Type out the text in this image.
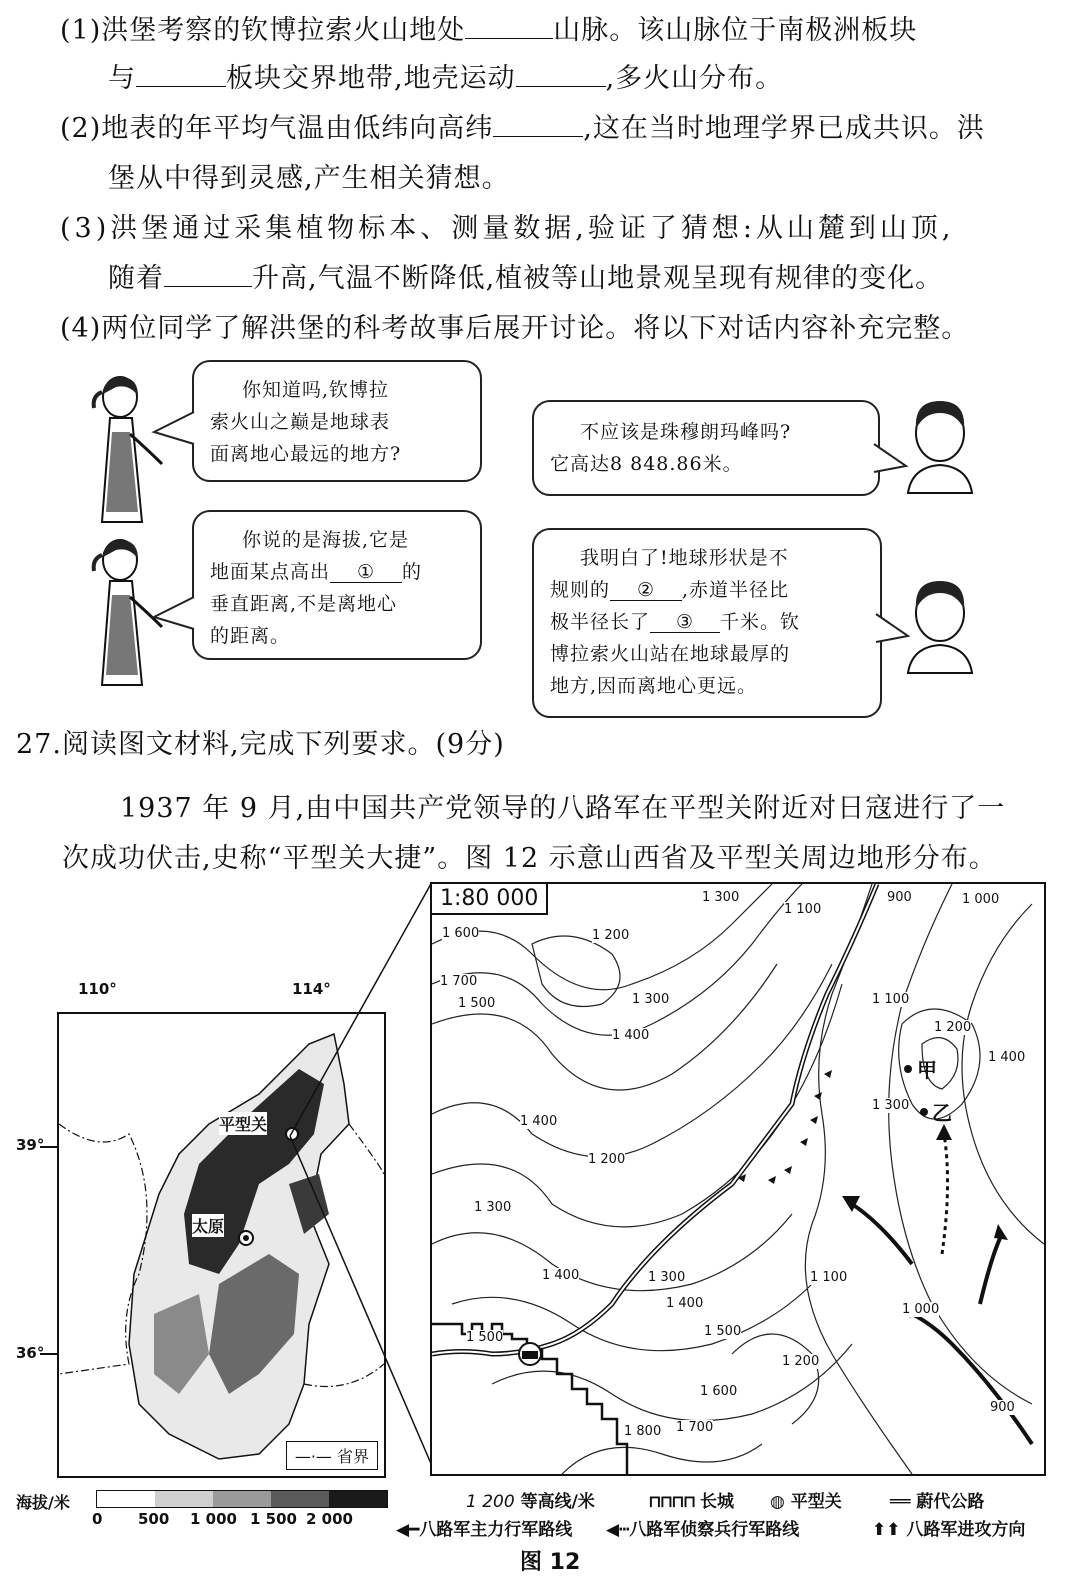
(1)洪堡考察的钦博拉索火山地处	山脉。该山脉位于南极洲板块
与	板块交界地带,地壳运动	,多火山分布。
(2)地表的年平均气温由低纬向高纬	,这在当时地理学界已成共识。洪
堡从中得到灵感,产生相关猜想。
(3)洪堡通过采集植物标本、测量数据,验证了猜想:从山麓到山顶,
随着	升高,气温不断降低,植被等山地景观呈现有规律的变化。
(4)两位同学了解洪堡的科考故事后展开讨论。将以下对话内容补充完整。
你知道吗,钦博拉
索火山之巅是地球表
面离地心最远的地方?
不应该是珠穆朗玛峰吗?
它高达8 848.86米。
你说的是海拔,它是
地面某点高出 ① 的
垂直距离,不是离地心
的距离。
我明白了!地球形状是不
规则的 ② ,赤道半径比
极半径长了 ③ 千米。钦
博拉索火山站在地球最厚的
地方,因而离地心更远。
27.阅读图文材料,完成下列要求。(9分)
1937 年 9 月,由中国共产党领导的八路军在平型关附近对日寇进行了一
次成功伏击,史称“平型关大捷”。图 12 示意山西省及平型关周边地形分布。
平型关
太原
—·— 省界
110°	114°
39°
36°
1:80 000
甲
乙
1 300
1 100
900	1 000
1 600	1 200
1 700
1 500	1 300
1 400
1 100
1 200
1 400
1 400
1 300
1 200
1 300
1 400	1 300
1 400
1 100
1 000
1 500	1 500
1 200
1 600
1 700
1 800
900
海拔/米
0 500 1 000 1 500 2 000
1 200 等高线/米	⊓⊓⊓⊓ 长城 ◍ 平型关	══ 蔚代公路
◀━八路军主力行军路线 ◀┅八路军侦察兵行军路线	⬆⬆ 八路军进攻方向
图 12
